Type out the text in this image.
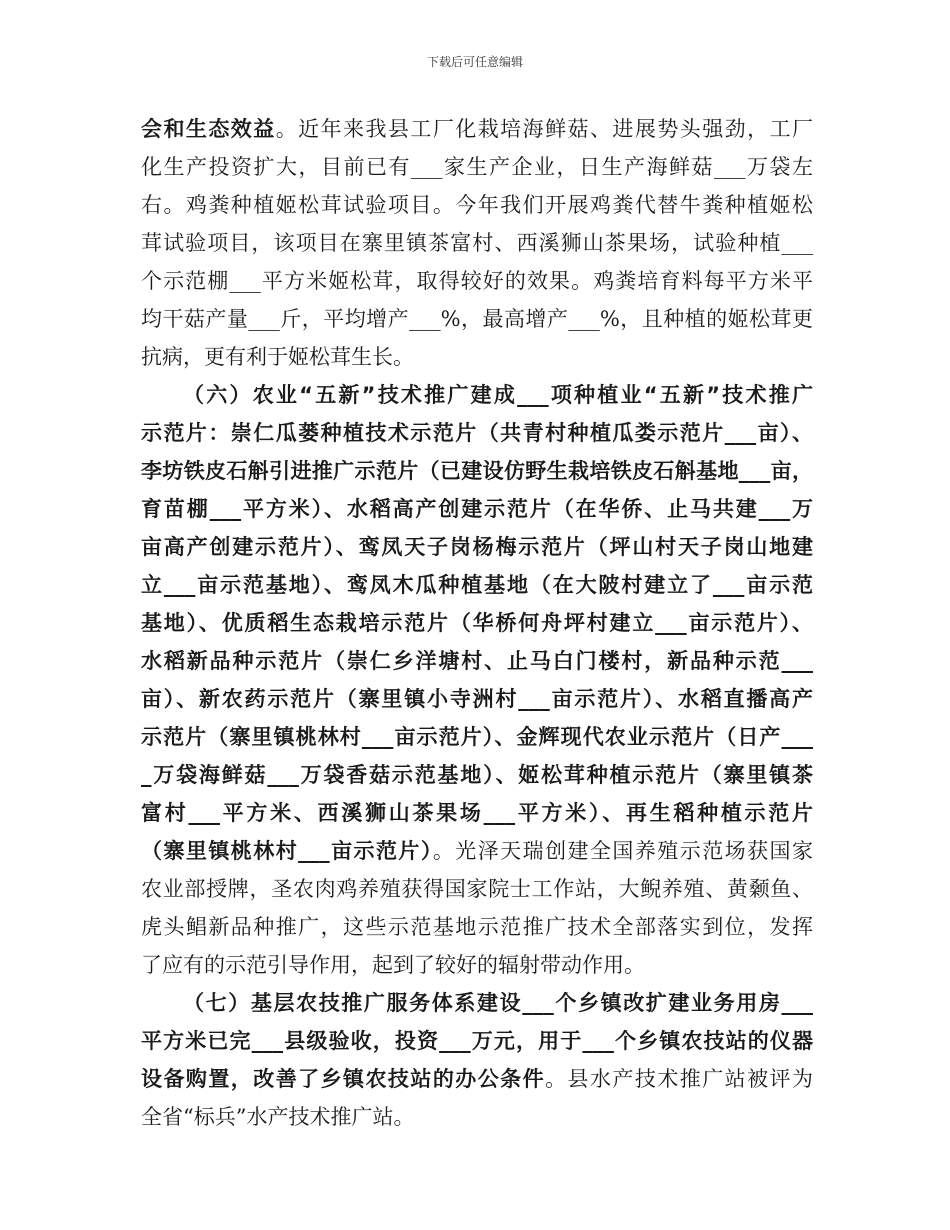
下载后可任意编辑
会和生态效益。近年来我县工厂化栽培海鲜菇、进展势头强劲，工厂
化生产投资扩大，目前已有___家生产企业，日生产海鲜菇___万袋左
右。鸡粪种植姬松茸试验项目。今年我们开展鸡粪代替牛粪种植姬松
茸试验项目，该项目在寨里镇茶富村、西溪狮山茶果场，试验种植___
个示范棚___平方米姬松茸，取得较好的效果。鸡粪培育料每平方米平
均干菇产量___斤，平均增产___%，最高增产___%，且种植的姬松茸更
抗病，更有利于姬松茸生长。
（六）农业“五新”技术推广建成___项种植业“五新”技术推广
示范片：崇仁瓜蒌种植技术示范片（共青村种植瓜娄示范片___亩）、
李坊铁皮石斛引进推广示范片（已建设仿野生栽培铁皮石斛基地___亩，
育苗棚___平方米）、水稻高产创建示范片（在华侨、止马共建___万
亩高产创建示范片）、鸾凤天子岗杨梅示范片（坪山村天子岗山地建
立___亩示范基地）、鸾凤木瓜种植基地（在大陂村建立了___亩示范
基地）、优质稻生态栽培示范片（华桥何舟坪村建立___亩示范片）、
水稻新品种示范片（崇仁乡洋塘村、止马白门楼村，新品种示范___
亩）、新农药示范片（寨里镇小寺洲村___亩示范片）、水稻直播高产
示范片（寨里镇桃林村___亩示范片）、金辉现代农业示范片（日产___
_万袋海鲜菇___万袋香菇示范基地）、姬松茸种植示范片（寨里镇茶
富村___平方米、西溪狮山茶果场___平方米）、再生稻种植示范片
（寨里镇桃林村___亩示范片）。光泽天瑞创建全国养殖示范场获国家
农业部授牌，圣农肉鸡养殖获得国家院士工作站，大鲵养殖、黄颡鱼、
虎头鲳新品种推广，这些示范基地示范推广技术全部落实到位，发挥
了应有的示范引导作用，起到了较好的辐射带动作用。
（七）基层农技推广服务体系建设___个乡镇改扩建业务用房___
平方米已完___县级验收，投资___万元，用于___个乡镇农技站的仪器
设备购置，改善了乡镇农技站的办公条件。县水产技术推广站被评为
全省“标兵”水产技术推广站。
